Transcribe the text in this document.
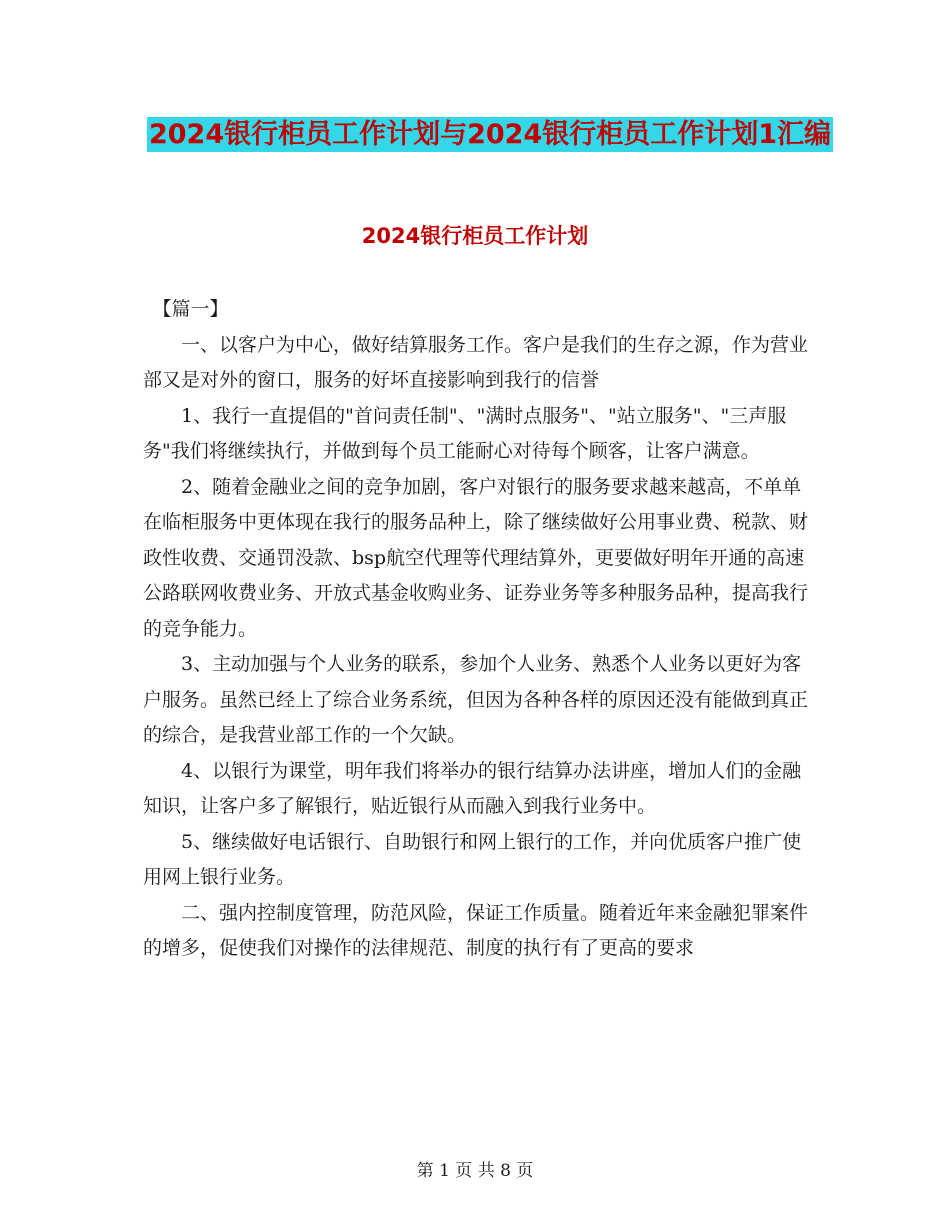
2024银行柜员工作计划与2024银行柜员工作计划1汇编
2024银行柜员工作计划

【篇一】

一、以客户为中心，做好结算服务工作。客户是我们的生存之源，作为营业部又是对外的窗口，服务的好坏直接影响到我行的信誉

1、我行一直提倡的"首问责任制"、"满时点服务"、"站立服务"、"三声服务"我们将继续执行，并做到每个员工能耐心对待每个顾客，让客户满意。

2、随着金融业之间的竞争加剧，客户对银行的服务要求越来越高，不单单在临柜服务中更体现在我行的服务品种上，除了继续做好公用事业费、税款、财政性收费、交通罚没款、bsp航空代理等代理结算外，更要做好明年开通的高速公路联网收费业务、开放式基金收购业务、证券业务等多种服务品种，提高我行的竞争能力。

3、主动加强与个人业务的联系，参加个人业务、熟悉个人业务以更好为客户服务。虽然已经上了综合业务系统，但因为各种各样的原因还没有能做到真正的综合，是我营业部工作的一个欠缺。

4、以银行为课堂，明年我们将举办的银行结算办法讲座，增加人们的金融知识，让客户多了解银行，贴近银行从而融入到我行业务中。

5、继续做好电话银行、自助银行和网上银行的工作，并向优质客户推广使用网上银行业务。

二、强内控制度管理，防范风险，保证工作质量。随着近年来金融犯罪案件的增多，促使我们对操作的法律规范、制度的执行有了更高的要求

第 1 页 共 8 页
